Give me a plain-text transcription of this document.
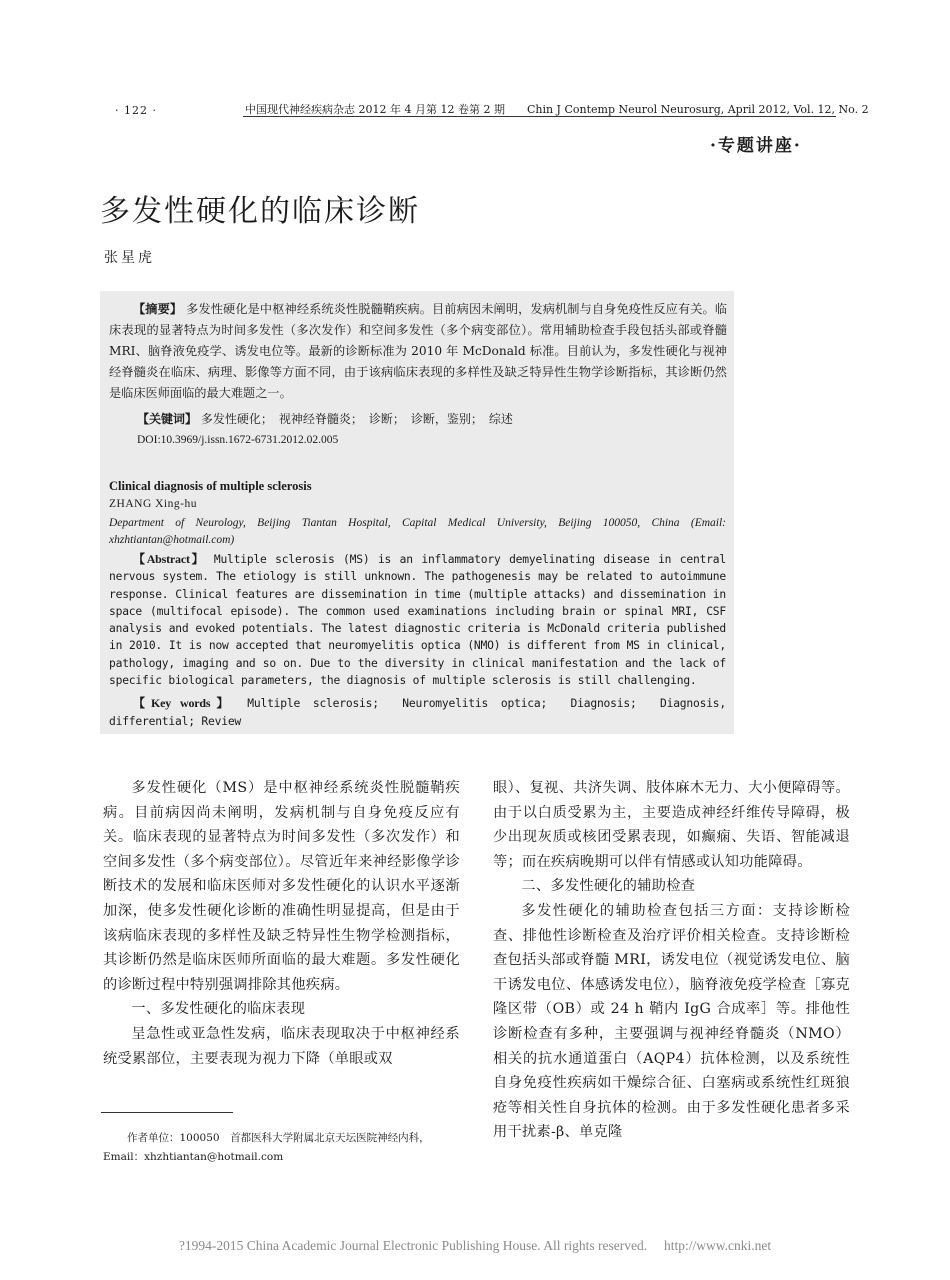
· 122 ·	中国现代神经疾病杂志 2012 年 4 月第 12 卷第 2 期　　Chin J Contemp Neurol Neurosurg, April 2012, Vol. 12, No. 2
·专题讲座·
多发性硬化的临床诊断
张星虎
【摘要】 多发性硬化是中枢神经系统炎性脱髓鞘疾病。目前病因未阐明，发病机制与自身免疫性反应有关。临床表现的显著特点为时间多发性（多次发作）和空间多发性（多个病变部位）。常用辅助检查手段包括头部或脊髓 MRI、脑脊液免疫学、诱发电位等。最新的诊断标准为 2010 年 McDonald 标准。目前认为，多发性硬化与视神经脊髓炎在临床、病理、影像等方面不同，由于该病临床表现的多样性及缺乏特异性生物学诊断指标，其诊断仍然是临床医师面临的最大难题之一。
【关键词】 多发性硬化；　视神经脊髓炎；　诊断；　诊断，鉴别；　综述
DOI:10.3969/j.issn.1672-6731.2012.02.005
Clinical diagnosis of multiple sclerosis
ZHANG Xing-hu
Department of Neurology, Beijing Tiantan Hospital, Capital Medical University, Beijing 100050, China (Email: xhzhtiantan@hotmail.com)
【Abstract】 Multiple sclerosis (MS) is an inflammatory demyelinating disease in central nervous system. The etiology is still unknown. The pathogenesis may be related to autoimmune response. Clinical features are dissemination in time (multiple attacks) and dissemination in space (multifocal episode). The common used examinations including brain or spinal MRI, CSF analysis and evoked potentials. The latest diagnostic criteria is McDonald criteria published in 2010. It is now accepted that neuromyelitis optica (NMO) is different from MS in clinical, pathology, imaging and so on. Due to the diversity in clinical manifestation and the lack of specific biological parameters, the diagnosis of multiple sclerosis is still challenging.
【Key words】 Multiple sclerosis;　Neuromyelitis optica;　Diagnosis;　Diagnosis, differential; Review

多发性硬化（MS）是中枢神经系统炎性脱髓鞘疾病。目前病因尚未阐明，发病机制与自身免疫反应有关。临床表现的显著特点为时间多发性（多次发作）和空间多发性（多个病变部位）。尽管近年来神经影像学诊断技术的发展和临床医师对多发性硬化的认识水平逐渐加深，使多发性硬化诊断的准确性明显提高，但是由于该病临床表现的多样性及缺乏特异性生物学检测指标，其诊断仍然是临床医师所面临的最大难题。多发性硬化的诊断过程中特别强调排除其他疾病。

一、多发性硬化的临床表现

呈急性或亚急性发病，临床表现取决于中枢神经系统受累部位，主要表现为视力下降（单眼或双

眼）、复视、共济失调、肢体麻木无力、大小便障碍等。由于以白质受累为主，主要造成神经纤维传导障碍，极少出现灰质或核团受累表现，如癫痫、失语、智能减退等；而在疾病晚期可以伴有情感或认知功能障碍。

二、多发性硬化的辅助检查

多发性硬化的辅助检查包括三方面：支持诊断检查、排他性诊断检查及治疗评价相关检查。支持诊断检查包括头部或脊髓 MRI，诱发电位（视觉诱发电位、脑干诱发电位、体感诱发电位），脑脊液免疫学检查［寡克隆区带（OB）或 24 h 鞘内 IgG 合成率］等。排他性诊断检查有多种，主要强调与视神经脊髓炎（NMO）相关的抗水通道蛋白（AQP4）抗体检测，以及系统性自身免疫性疾病如干燥综合征、白塞病或系统性红斑狼疮等相关性自身抗体的检测。由于多发性硬化患者多采用干扰素-β、单克隆

作者单位：100050　首都医科大学附属北京天坛医院神经内科，
Email：xhzhtiantan@hotmail.com
?1994-2015 China Academic Journal Electronic Publishing House. All rights reserved.　 http://www.cnki.net
